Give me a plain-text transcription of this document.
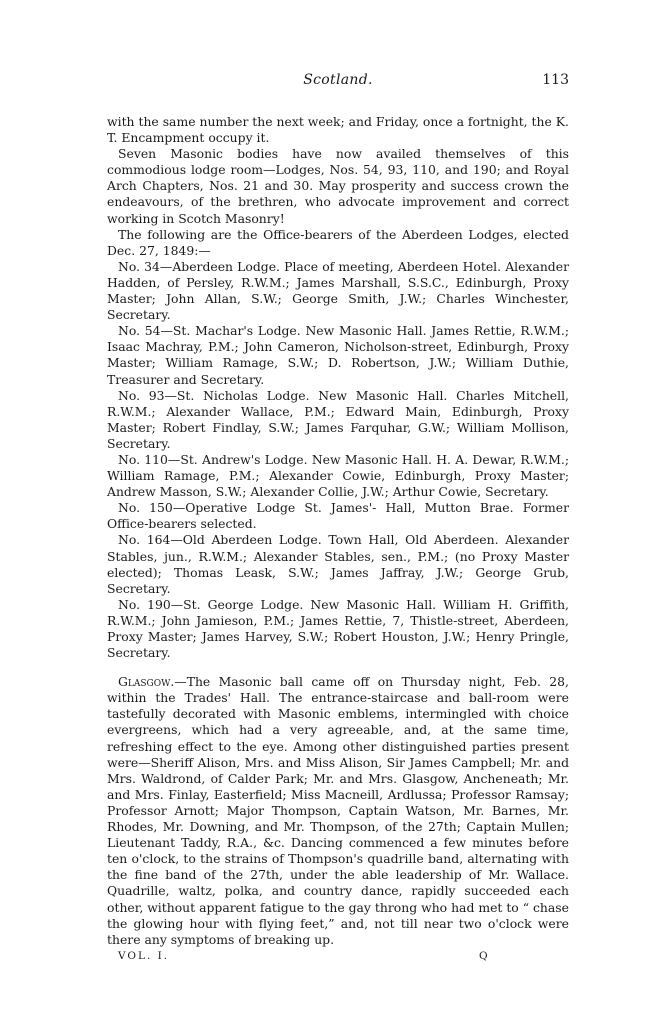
Scotland.	113

with the same number the next week; and Friday, once a fortnight, the K. T. Encampment occupy it.

Seven Masonic bodies have now availed themselves of this commodious lodge room—Lodges, Nos. 54, 93, 110, and 190; and Royal Arch Chapters, Nos. 21 and 30. May prosperity and success crown the endeavours, of the brethren, who advocate improvement and correct working in Scotch Masonry!

The following are the Office-bearers of the Aberdeen Lodges, elected Dec. 27, 1849:—

No. 34—Aberdeen Lodge. Place of meeting, Aberdeen Hotel. Alexander Hadden, of Persley, R.W.M.; James Marshall, S.S.C., Edinburgh, Proxy Master; John Allan, S.W.; George Smith, J.W.; Charles Winchester, Secretary.

No. 54—St. Machar's Lodge. New Masonic Hall. James Rettie, R.W.M.; Isaac Machray, P.M.; John Cameron, Nicholson-street, Edinburgh, Proxy Master; William Ramage, S.W.; D. Robertson, J.W.; William Duthie, Treasurer and Secretary.

No. 93—St. Nicholas Lodge. New Masonic Hall. Charles Mitchell, R.W.M.; Alexander Wallace, P.M.; Edward Main, Edinburgh, Proxy Master; Robert Findlay, S.W.; James Farquhar, G.W.; William Mollison, Secretary.

No. 110—St. Andrew's Lodge. New Masonic Hall. H. A. Dewar, R.W.M.; William Ramage, P.M.; Alexander Cowie, Edinburgh, Proxy Master; Andrew Masson, S.W.; Alexander Collie, J.W.; Arthur Cowie, Secretary.

No. 150—Operative Lodge St. James'- Hall, Mutton Brae. Former Office-bearers selected.

No. 164—Old Aberdeen Lodge. Town Hall, Old Aberdeen. Alexander Stables, jun., R.W.M.; Alexander Stables, sen., P.M.; (no Proxy Master elected); Thomas Leask, S.W.; James Jaffray, J.W.; George Grub, Secretary.

No. 190—St. George Lodge. New Masonic Hall. William H. Griffith, R.W.M.; John Jamieson, P.M.; James Rettie, 7, Thistle-street, Aberdeen, Proxy Master; James Harvey, S.W.; Robert Houston, J.W.; Henry Pringle, Secretary.

Glasgow.—The Masonic ball came off on Thursday night, Feb. 28, within the Trades' Hall. The entrance-staircase and ball-room were tastefully decorated with Masonic emblems, intermingled with choice evergreens, which had a very agreeable, and, at the same time, refreshing effect to the eye. Among other distinguished parties present were—Sheriff Alison, Mrs. and Miss Alison, Sir James Campbell; Mr. and Mrs. Waldrond, of Calder Park; Mr. and Mrs. Glasgow, Ancheneath; Mr. and Mrs. Finlay, Easterfield; Miss Macneill, Ardlussa; Professor Ramsay; Professor Arnott; Major Thompson, Captain Watson, Mr. Barnes, Mr. Rhodes, Mr. Downing, and Mr. Thompson, of the 27th; Captain Mullen; Lieutenant Taddy, R.A., &c. Dancing commenced a few minutes before ten o'clock, to the strains of Thompson's quadrille band, alternating with the fine band of the 27th, under the able leadership of Mr. Wallace. Quadrille, waltz, polka, and country dance, rapidly succeeded each other, without apparent fatigue to the gay throng who had met to “ chase the glowing hour with flying feet,” and, not till near two o'clock were there any symptoms of breaking up.

VOL. I.	Q
